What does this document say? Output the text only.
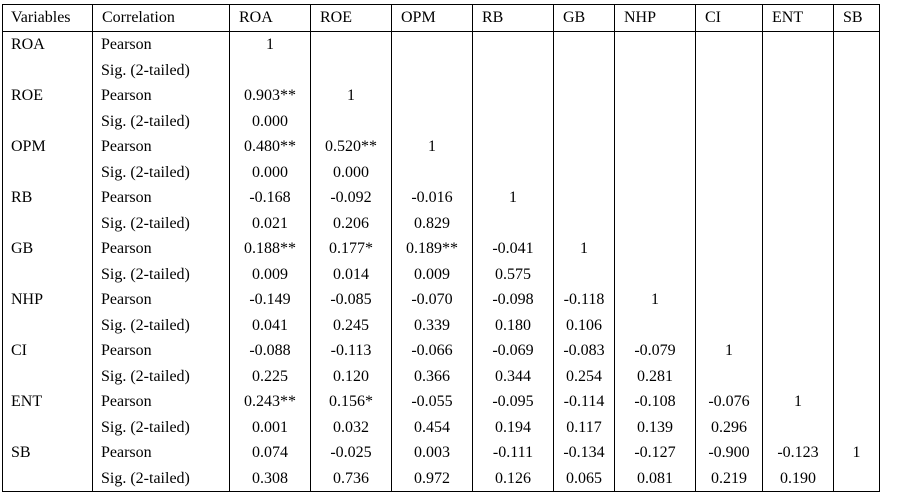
Variables	Correlation	ROA	ROE	OPM	RB	GB	NHP	CI	ENT	SB
ROA	Pearson	1								
	Sig. (2-tailed)									
ROE	Pearson	0.903**	1							
	Sig. (2-tailed)	0.000								
OPM	Pearson	0.480**	0.520**	1						
	Sig. (2-tailed)	0.000	0.000							
RB	Pearson	-0.168	-0.092	-0.016	1					
	Sig. (2-tailed)	0.021	0.206	0.829						
GB	Pearson	0.188**	0.177*	0.189**	-0.041	1				
	Sig. (2-tailed)	0.009	0.014	0.009	0.575					
NHP	Pearson	-0.149	-0.085	-0.070	-0.098	-0.118	1			
	Sig. (2-tailed)	0.041	0.245	0.339	0.180	0.106				
CI	Pearson	-0.088	-0.113	-0.066	-0.069	-0.083	-0.079	1		
	Sig. (2-tailed)	0.225	0.120	0.366	0.344	0.254	0.281			
ENT	Pearson	0.243**	0.156*	-0.055	-0.095	-0.114	-0.108	-0.076	1	
	Sig. (2-tailed)	0.001	0.032	0.454	0.194	0.117	0.139	0.296		
SB	Pearson	0.074	-0.025	0.003	-0.111	-0.134	-0.127	-0.900	-0.123	1
	Sig. (2-tailed)	0.308	0.736	0.972	0.126	0.065	0.081	0.219	0.190	
